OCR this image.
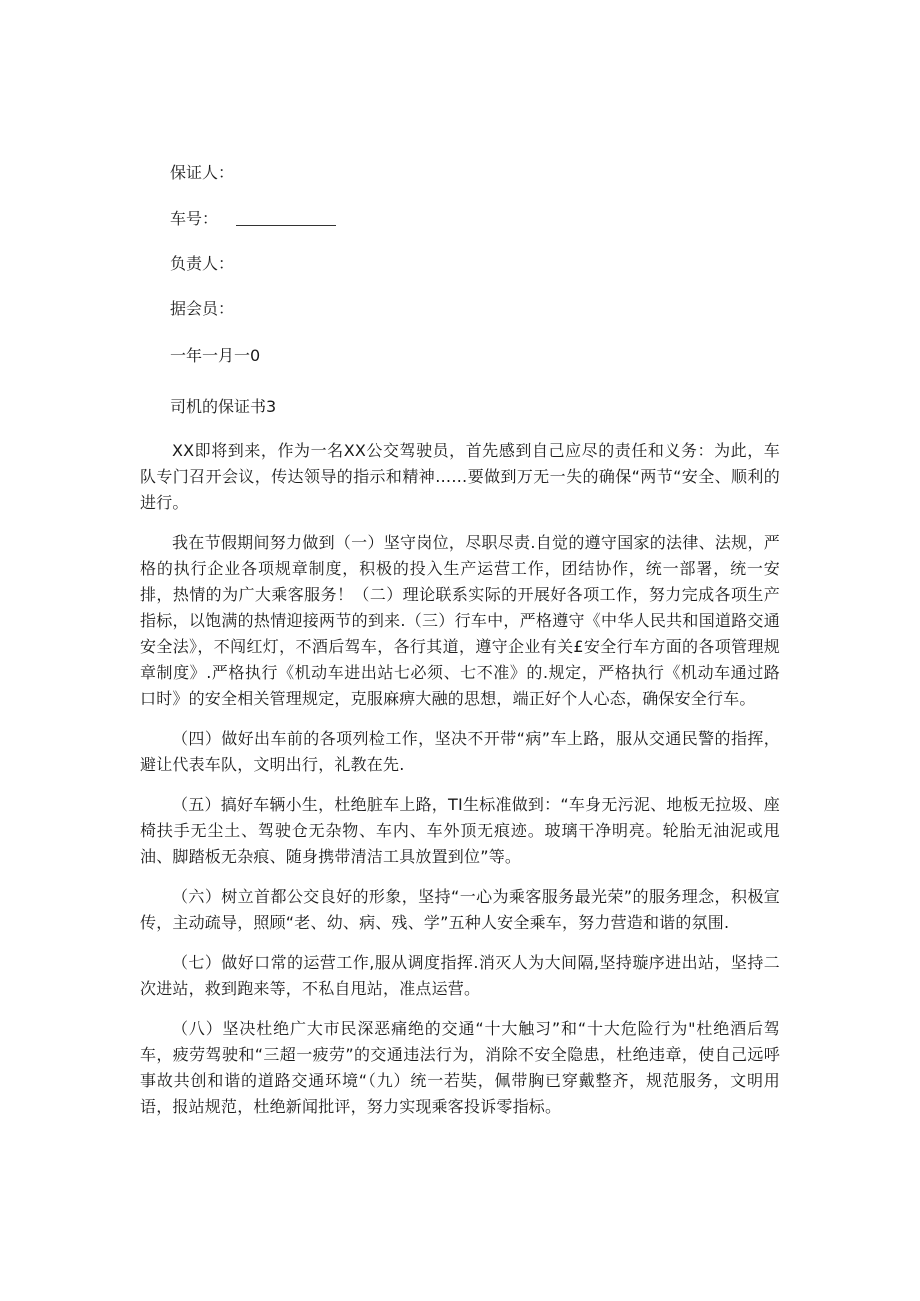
保证人：
车号：
负责人：
据会员：
一年一月一0
司机的保证书3

XX即将到来，作为一名XX公交驾驶员，首先感到自己应尽的责任和义务：为此，车队专门召开会议，传达领导的指示和精神……要做到万无一失的确保“两节“安全、顺利的进行。

我在节假期间努力做到（一）坚守岗位，尽职尽责.自觉的遵守国家的法律、法规，严格的执行企业各项规章制度，积极的投入生产运营工作，团结协作，统一部署，统一安排，热情的为广大乘客服务！（二）理论联系实际的开展好各项工作，努力完成各项生产指标，以饱满的热情迎接两节的到来.（三）行车中，严格遵守《中华人民共和国道路交通安全法》，不闯红灯，不酒后驾车，各行其道，遵守企业有关£安全行车方面的各项管理规章制度》.严格执行《机动车进出站七必须、七不准》的.规定，严格执行《机动车通过路口时》的安全相关管理规定，克服麻痹大融的思想，端正好个人心态，确保安全行车。

（四）做好出车前的各项列检工作，坚决不开带“病”车上路，服从交通民警的指挥，避让代表车队，文明出行，礼教在先.

（五）搞好车辆小生，杜绝脏车上路，TI生标准做到：“车身无污泥、地板无拉圾、座椅扶手无尘土、驾驶仓无杂物、车内、车外顶无痕迹。玻璃干净明亮。轮胎无油泥或甩油、脚踏板无杂痕、随身携带清洁工具放置到位”等。

（六）树立首都公交良好的形象，坚持“一心为乘客服务最光荣”的服务理念，积极宣传，主动疏导，照顾“老、幼、病、残、学”五种人安全乘车，努力营造和谐的氛围.

（七）做好口常的运营工作,服从调度指挥.消灭人为大间隔,坚持璇序进出站，坚持二次进站，救到跑来等，不私自甩站，准点运营。

（八）坚决杜绝广大市民深恶痛绝的交通“十大触习”和“十大危险行为"杜绝酒后驾车，疲劳驾驶和“三超一疲劳”的交通违法行为，消除不安全隐患，杜绝违章，使自己远呼事故共创和谐的道路交通环境“（九）统一若奘，佩带胸已穿戴整齐，规范服务，文明用语，报站规范，杜绝新闻批评，努力实现乘客投诉零指标。
